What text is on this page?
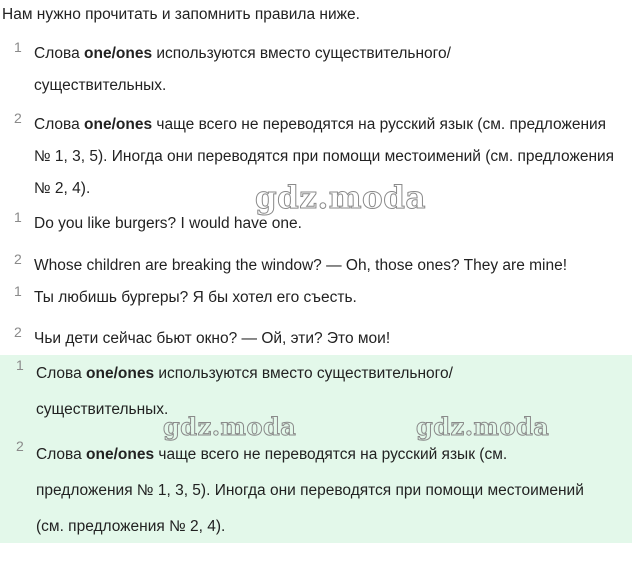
Нам нужно прочитать и запомнить правила ниже.
1 Слова one/ones используются вместо существительного/ существительных.
2 Слова one/ones чаще всего не переводятся на русский язык (см. предложения № 1, 3, 5). Иногда они переводятся при помощи местоимений (см. предложения № 2, 4).
1 Do you like burgers? I would have one.
2 Whose children are breaking the window? — Oh, those ones? They are mine!
1 Ты любишь бургеры? Я бы хотел его съесть.
2 Чьи дети сейчас бьют окно? — Ой, эти? Это мои!
1 Слова one/ones используются вместо существительного/ существительных.
2 Слова one/ones чаще всего не переводятся на русский язык (см. предложения № 1, 3, 5). Иногда они переводятся при помощи местоимений (см. предложения № 2, 4).
gdz.moda
gdz.moda	gdz.moda
